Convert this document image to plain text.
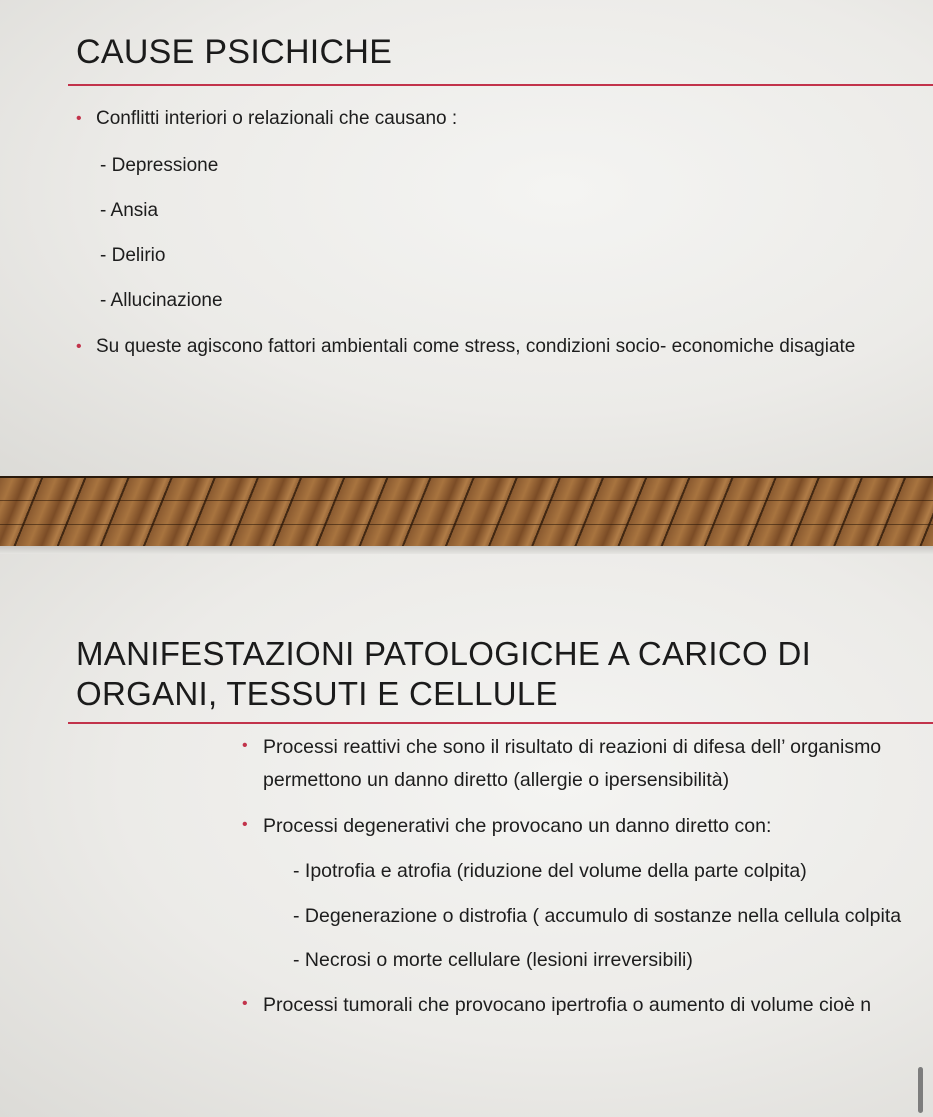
CAUSE PSICHICHE
• Conflitti interiori o relazionali che causano :
- Depressione
- Ansia
- Delirio
- Allucinazione
• Su queste agiscono fattori ambientali come stress, condizioni socio- economiche disagiate
MANIFESTAZIONI PATOLOGICHE A CARICO DI
ORGANI, TESSUTI E CELLULE
• Processi reattivi che sono il risultato di reazioni di difesa dell’ organismo
permettono un danno diretto (allergie o ipersensibilità)
• Processi degenerativi che provocano un danno diretto con:
- Ipotrofia e atrofia (riduzione del volume della parte colpita)
- Degenerazione o distrofia ( accumulo di sostanze nella cellula colpita
- Necrosi o morte cellulare (lesioni irreversibili)
• Processi tumorali che provocano ipertrofia o aumento di volume cioè n
